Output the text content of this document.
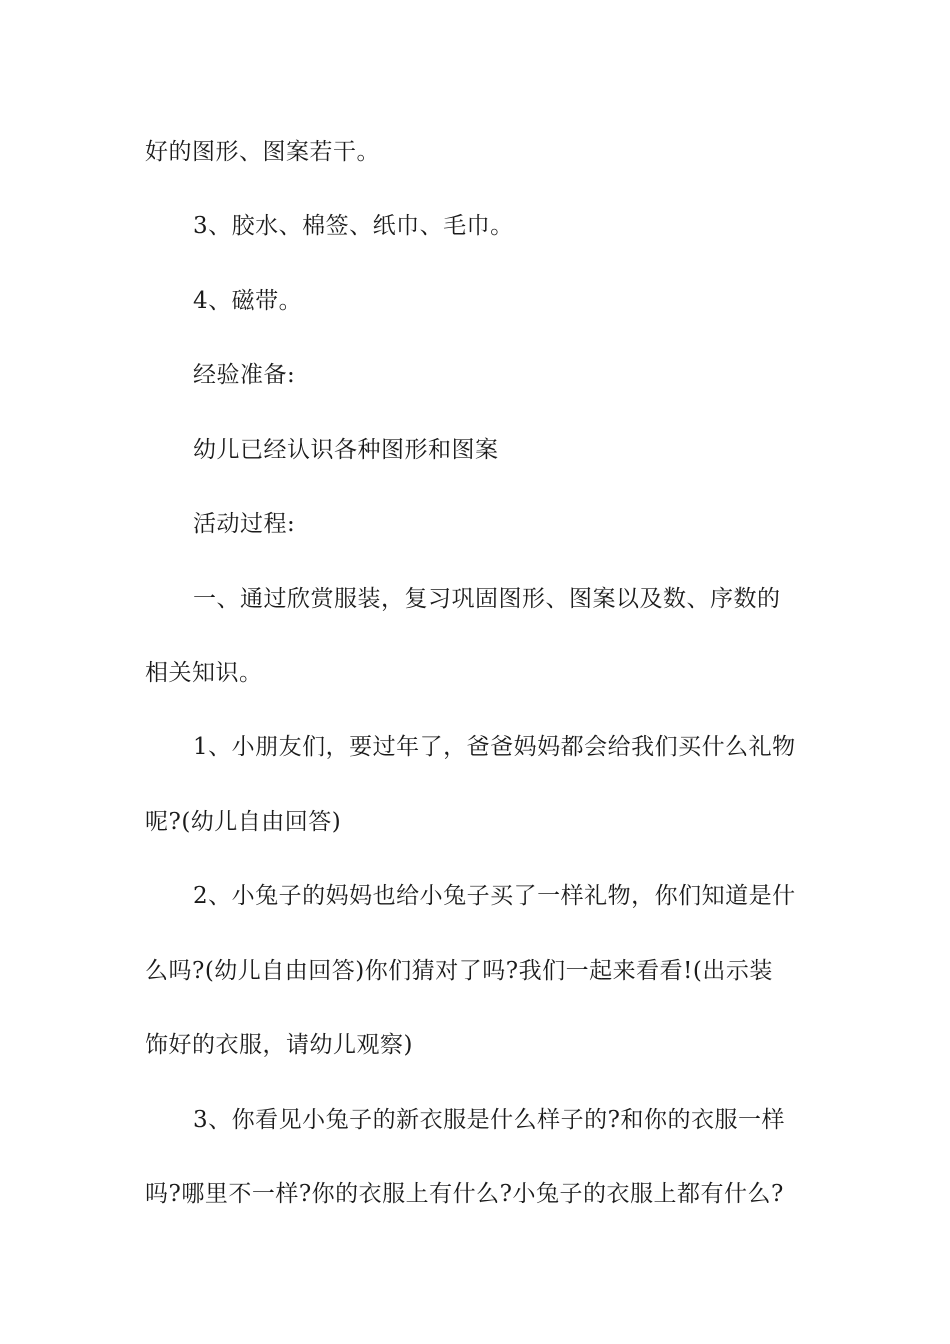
好的图形、图案若干。
3、胶水、棉签、纸巾、毛巾。
4、磁带。
经验准备:
幼儿已经认识各种图形和图案
活动过程:
一、通过欣赏服装，复习巩固图形、图案以及数、序数的
相关知识。
1、小朋友们，要过年了，爸爸妈妈都会给我们买什么礼物
呢?(幼儿自由回答)
2、小兔子的妈妈也给小兔子买了一样礼物，你们知道是什
么吗?(幼儿自由回答)你们猜对了吗?我们一起来看看!(出示装
饰好的衣服，请幼儿观察)
3、你看见小兔子的新衣服是什么样子的?和你的衣服一样
吗?哪里不一样?你的衣服上有什么?小兔子的衣服上都有什么?
